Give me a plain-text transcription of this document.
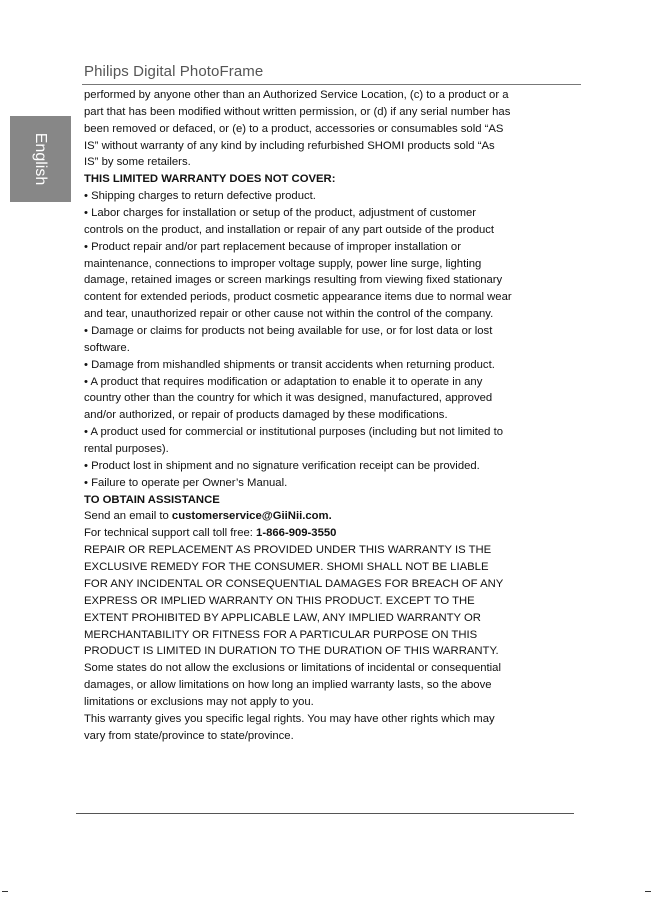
Philips Digital PhotoFrame
English
performed by anyone other than an Authorized Service Location, (c) to a product or a
part that has been modified without written permission, or (d) if any serial number has
been removed or defaced, or (e) to a product, accessories or consumables sold “AS
IS” without warranty of any kind by including refurbished SHOMI products sold “As
IS” by some retailers.
THIS LIMITED WARRANTY DOES NOT COVER:
• Shipping charges to return defective product.
• Labor charges for installation or setup of the product, adjustment of customer
controls on the product, and installation or repair of any part outside of the product
• Product repair and/or part replacement because of improper installation or
maintenance, connections to improper voltage supply, power line surge, lighting
damage, retained images or screen markings resulting from viewing fixed stationary
content for extended periods, product cosmetic appearance items due to normal wear
and tear, unauthorized repair or other cause not within the control of the company.
• Damage or claims for products not being available for use, or for lost data or lost
software.
• Damage from mishandled shipments or transit accidents when returning product.
• A product that requires modification or adaptation to enable it to operate in any
country other than the country for which it was designed, manufactured, approved
and/or authorized, or repair of products damaged by these modifications.
• A product used for commercial or institutional purposes (including but not limited to
rental purposes).
• Product lost in shipment and no signature verification receipt can be provided.
• Failure to operate per Owner’s Manual.
TO OBTAIN ASSISTANCE
Send an email to customerservice@GiiNii.com.
For technical support call toll free: 1-866-909-3550
REPAIR OR REPLACEMENT AS PROVIDED UNDER THIS WARRANTY IS THE
EXCLUSIVE REMEDY FOR THE CONSUMER. SHOMI SHALL NOT BE LIABLE
FOR ANY INCIDENTAL OR CONSEQUENTIAL DAMAGES FOR BREACH OF ANY
EXPRESS OR IMPLIED WARRANTY ON THIS PRODUCT. EXCEPT TO THE
EXTENT PROHIBITED BY APPLICABLE LAW, ANY IMPLIED WARRANTY OR
MERCHANTABILITY OR FITNESS FOR A PARTICULAR PURPOSE ON THIS
PRODUCT IS LIMITED IN DURATION TO THE DURATION OF THIS WARRANTY.
Some states do not allow the exclusions or limitations of incidental or consequential
damages, or allow limitations on how long an implied warranty lasts, so the above
limitations or exclusions may not apply to you.
This warranty gives you specific legal rights. You may have other rights which may
vary from state/province to state/province.
